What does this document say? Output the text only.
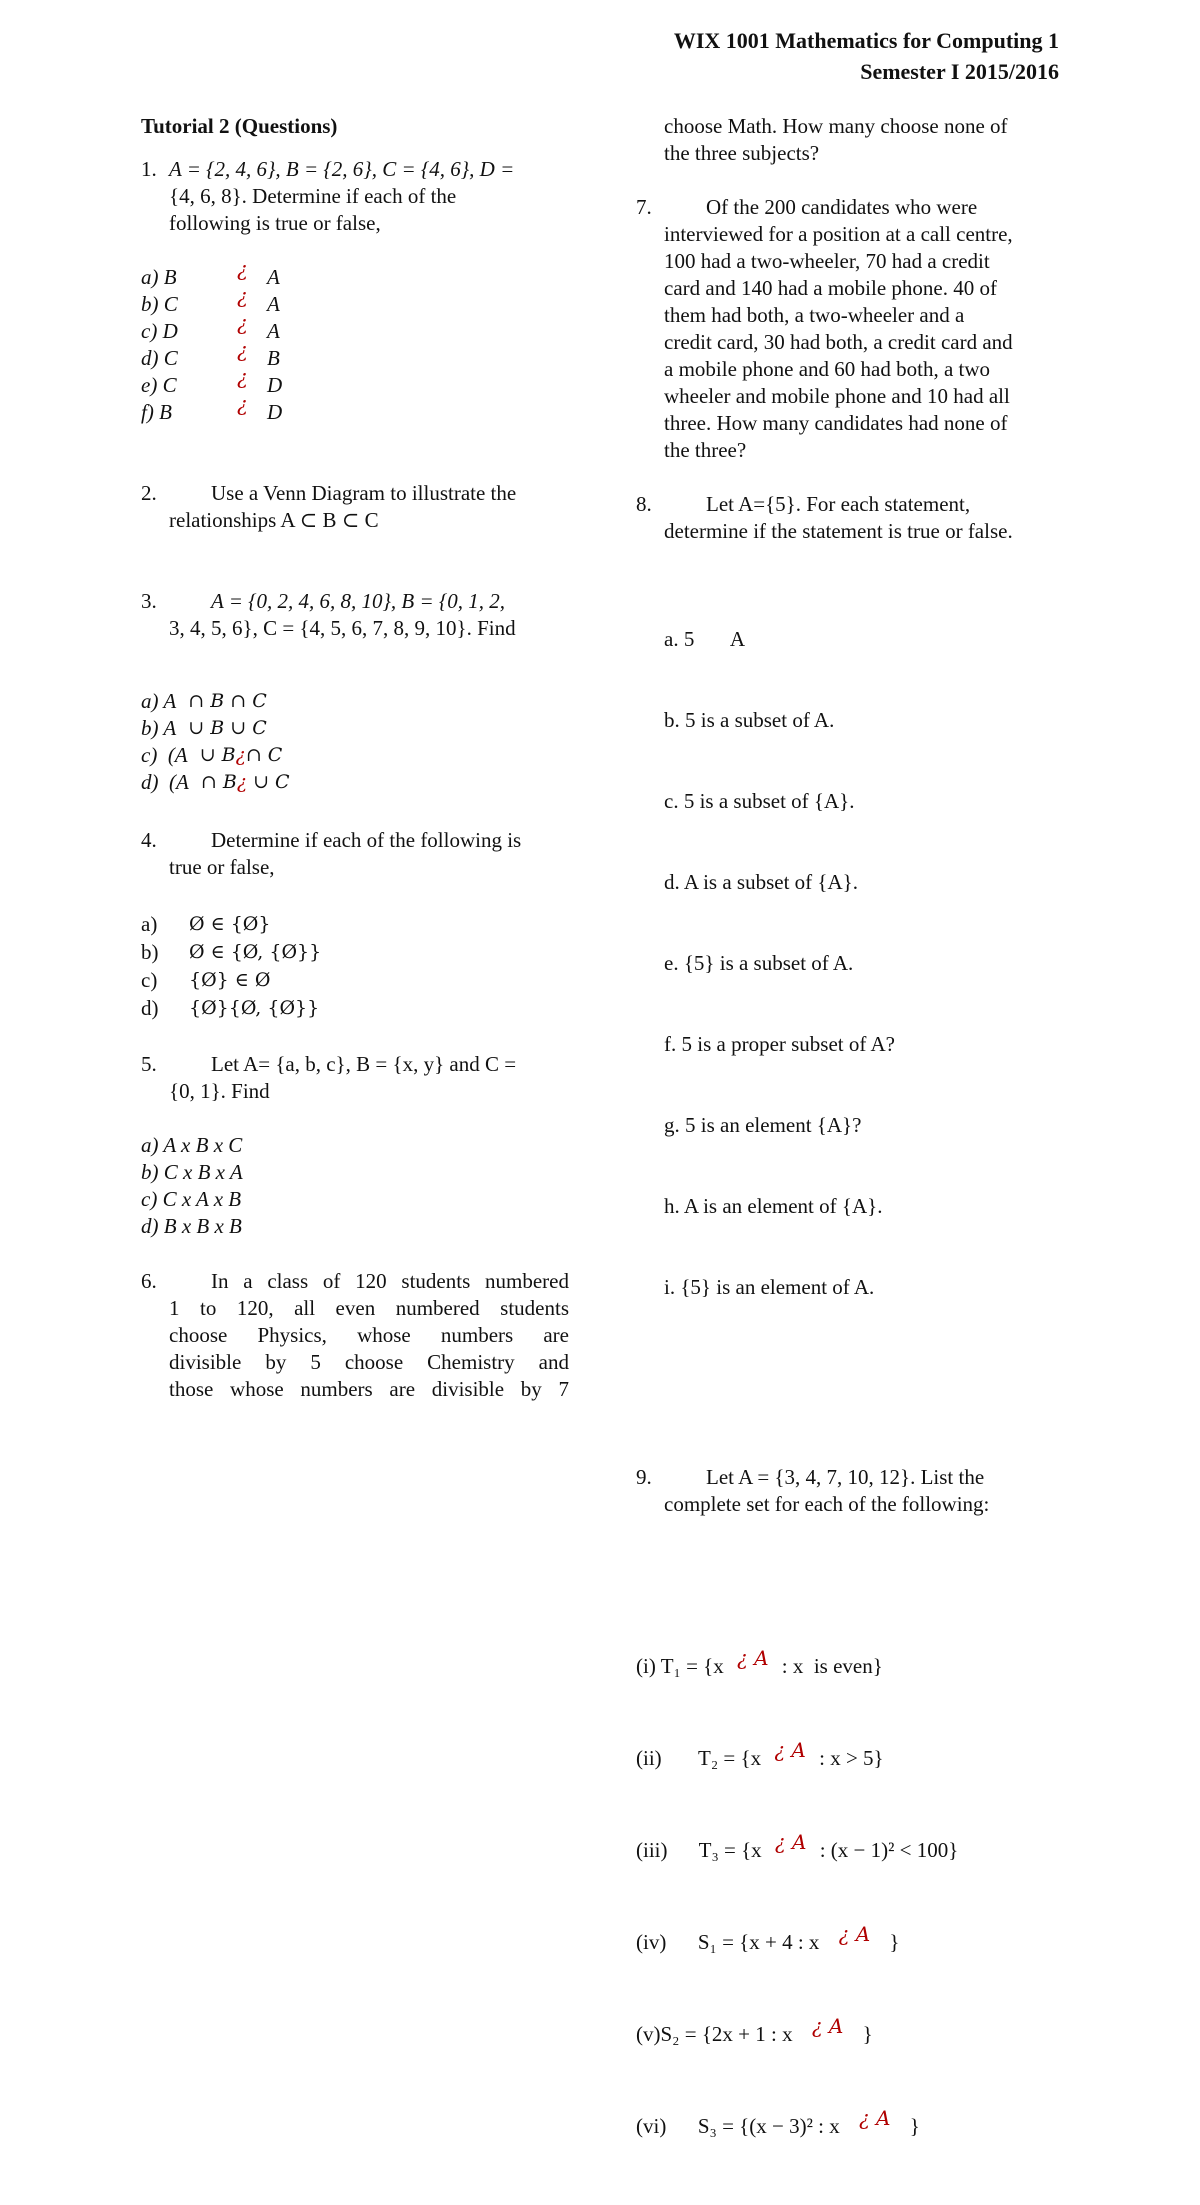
WIX 1001 Mathematics for Computing 1
Semester I 2015/2016
Tutorial 2 (Questions)
1. A = {2, 4, 6}, B = {2, 6}, C = {4, 6}, D =
{4, 6, 8}. Determine if each of the
following is true or false,
a) B	¿ A
b) C	¿ A
c) D	¿ A
d) C	¿ B
e) C	¿ D
f) B	¿ D
2.	Use a Venn Diagram to illustrate the
relationships A ⊂ B ⊂ C
3.	A = {0, 2, 4, 6, 8, 10}, B = {0, 1, 2,
3, 4, 5, 6}, C = {4, 5, 6, 7, 8, 9, 10}. Find
a) A ∩ B ∩ C
b) A ∪ B ∪ C
c)  (A ∪ B ¿ ∩ C
d)  (A ∩ B ¿ ∪ C
4.	Determine if each of the following is
true or false,
a)	Ø ∈ {Ø}
b)	Ø ∈ {Ø, {Ø}}
c)	{Ø} ∈ Ø
d)	{Ø}{Ø, {Ø}}
5.	Let A= {a, b, c}, B = {x, y} and C =
{0, 1}. Find
a) A x B x C
b) C x B x A
c) C x A x B
d) B x B x B
6.	In a class of 120 students numbered
1 to 120, all even numbered students
choose Physics, whose numbers are
divisible by 5 choose Chemistry and
those whose numbers are divisible by 7
choose Math. How many choose none of
the three subjects?
7.	Of the 200 candidates who were
interviewed for a position at a call centre,
100 had a two-wheeler, 70 had a credit
card and 140 had a mobile phone. 40 of
them had both, a two-wheeler and a
credit card, 30 had both, a credit card and
a mobile phone and 60 had both, a two
wheeler and mobile phone and 10 had all
three. How many candidates had none of
the three?
8.	Let A={5}. For each statement,
determine if the statement is true or false.

a. 5       A

b. 5 is a subset of A.

c. 5 is a subset of {A}.

d. A is a subset of {A}.

e. {5} is a subset of A.

f. 5 is a proper subset of A?

g. 5 is an element {A}?

h. A is an element of {A}.

i. {5} is an element of A.

9.	Let A = {3, 4, 7, 10, 12}. List the
complete set for each of the following:

(i) T₁ = {x ¿ A : x  is even}

(ii)       T₂ = {x ¿ A : x > 5}

(iii)      T₃ = {x ¿ A : (x − 1)² < 100}

(iv)      S₁ = {x + 4 : x ¿ A }

(v)S₂ = {2x + 1 : x ¿ A }

(vi)      S₃ = {(x − 3)² : x ¿ A }
